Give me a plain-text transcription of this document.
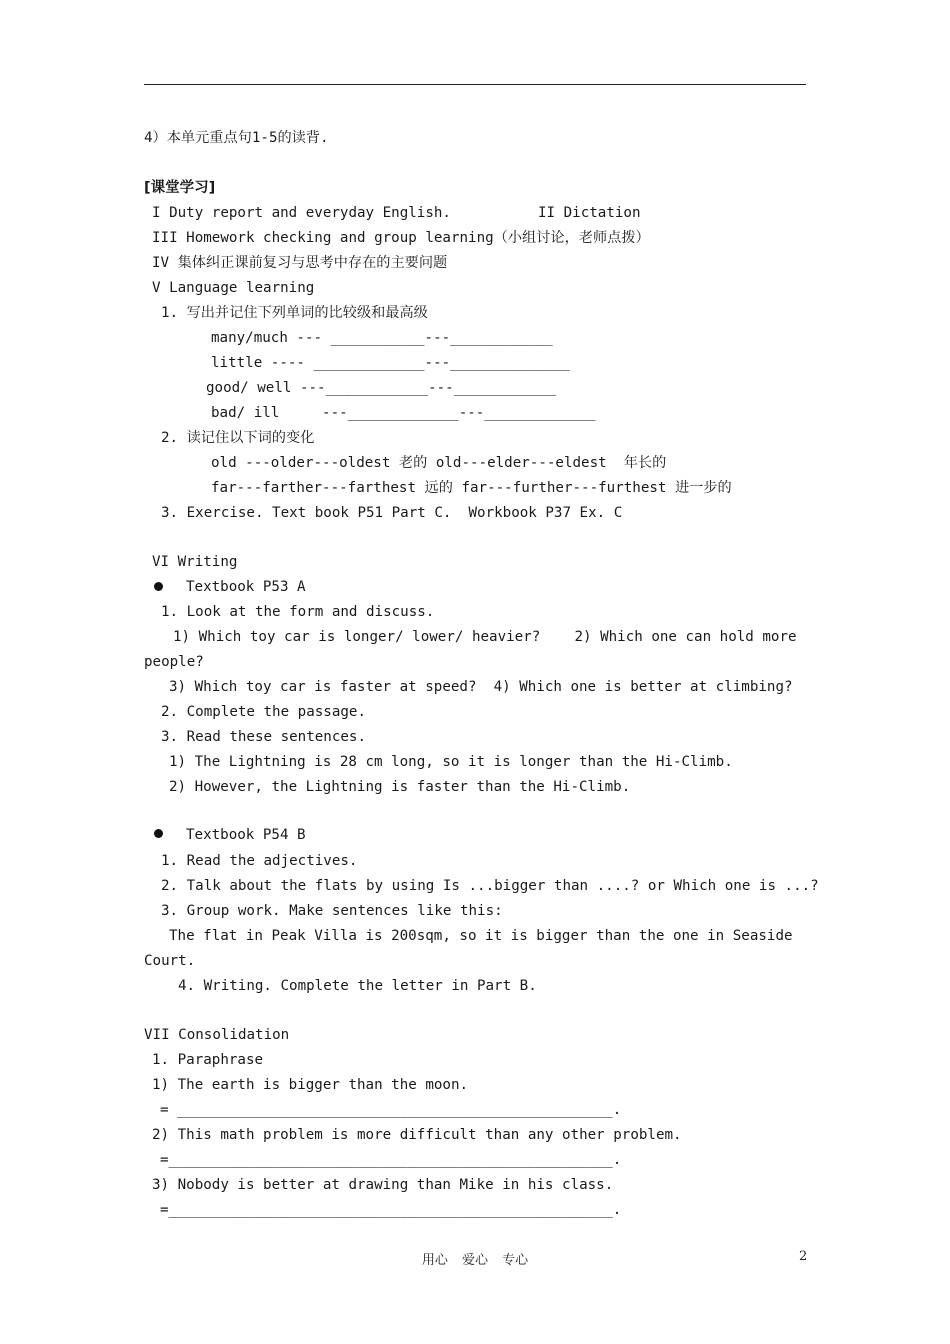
4）本单元重点句1-5的读背.
[课堂学习]
I Duty report and everyday English.	II Dictation
III Homework checking and group learning（小组讨论，老师点拨）
IV 集体纠正课前复习与思考中存在的主要问题
V Language learning
1. 写出并记住下列单词的比较级和最高级
many/much --- ___________---____________
little ---- _____________---______________
good/ well ---____________---____________
bad/ ill     ---_____________---_____________
2. 读记住以下词的变化
old ---older---oldest 老的 old---elder---eldest  年长的
far---farther---farthest 远的 far---further---furthest 进一步的
3. Exercise. Text book P51 Part C.  Workbook P37 Ex. C
VI Writing
Textbook P53 A
1. Look at the form and discuss.
1) Which toy car is longer/ lower/ heavier?    2) Which one can hold more
people?
3) Which toy car is faster at speed?  4) Which one is better at climbing?
2. Complete the passage.
3. Read these sentences.
1) The Lightning is 28 cm long, so it is longer than the Hi-Climb.
2) However, the Lightning is faster than the Hi-Climb.
Textbook P54 B
1. Read the adjectives.
2. Talk about the flats by using Is ...bigger than ....? or Which one is ...?
3. Group work. Make sentences like this:
The flat in Peak Villa is 200sqm, so it is bigger than the one in Seaside
Court.
4. Writing. Complete the letter in Part B.
VII Consolidation
1. Paraphrase
1) The earth is bigger than the moon.
= ___________________________________________________.
2) This math problem is more difficult than any other problem.
=____________________________________________________.
3) Nobody is better at drawing than Mike in his class.
=____________________________________________________.
用心 爱心 专心	2
